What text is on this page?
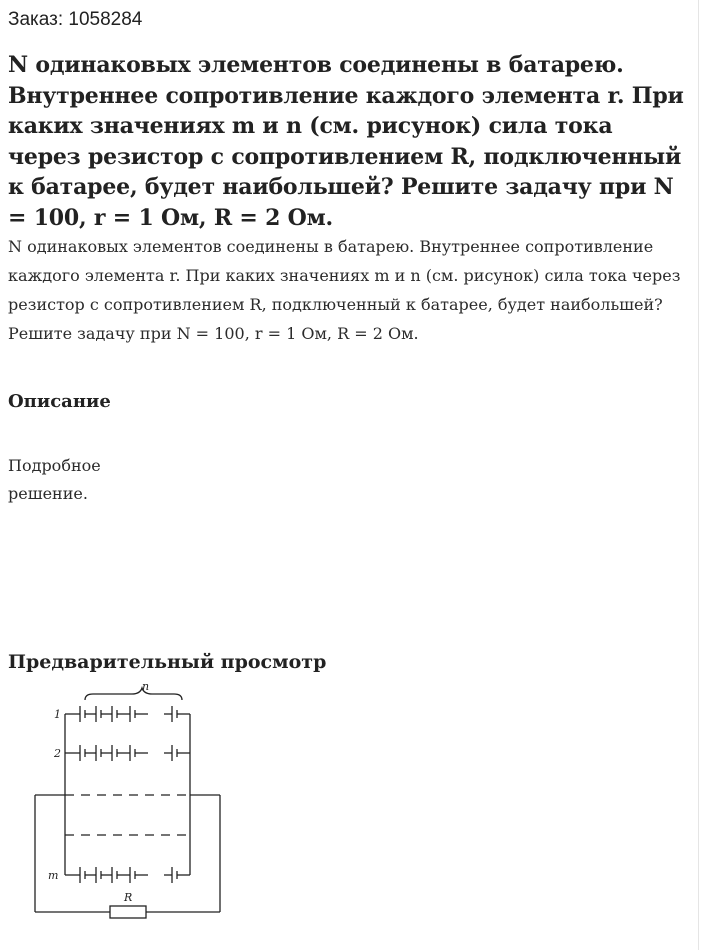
Заказ: 1058284
N одинаковых элементов соединены в батарею. Внутреннее сопротивление каждого элемента r. При каких значениях m и n (см. рисунок) сила тока через резистор с сопротивлением R, подключенный к батарее, будет наибольшей? Решите задачу при N = 100, r = 1 Ом, R = 2 Ом.
N одинаковых элементов соединены в батарею. Внутреннее сопротивление каждого элемента r. При каких значениях m и n (см. рисунок) сила тока через резистор с сопротивлением R, подключенный к батарее, будет наибольшей? Решите задачу при N = 100, r = 1 Ом, R = 2 Ом.
Описание
Подробное решение.
Предварительный просмотр
n
1
2
m
R
